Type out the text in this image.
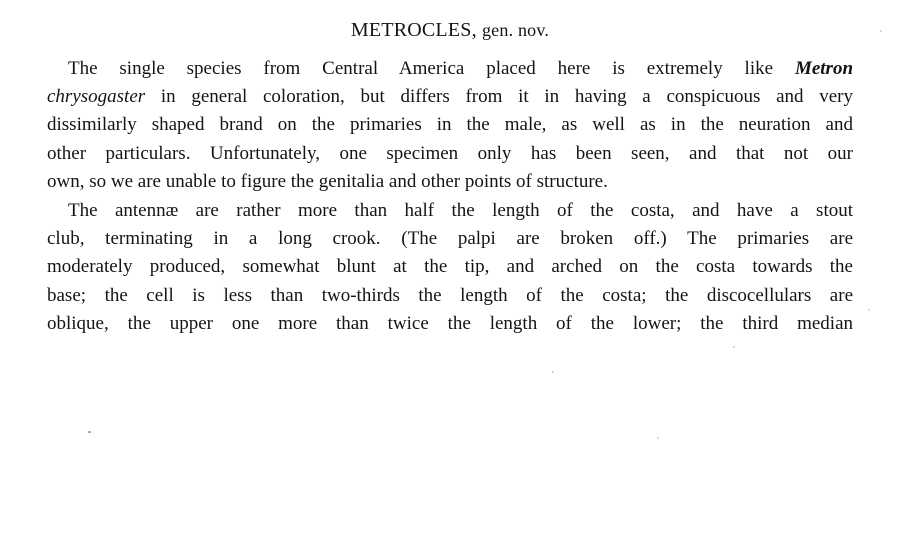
METROCLES, gen. nov.
The single species from Central America placed here is extremely like Metron
chrysogaster in general coloration, but differs from it in having a conspicuous and very
dissimilarly shaped brand on the primaries in the male, as well as in the neuration and
other particulars. Unfortunately, one specimen only has been seen, and that not our
own, so we are unable to figure the genitalia and other points of structure.
The antennæ are rather more than half the length of the costa, and have a stout
club, terminating in a long crook. (The palpi are broken off.) The primaries are
moderately produced, somewhat blunt at the tip, and arched on the costa towards the
base; the cell is less than two-thirds the length of the costa; the discocellulars are
oblique, the upper one more than twice the length of the lower; the third median
